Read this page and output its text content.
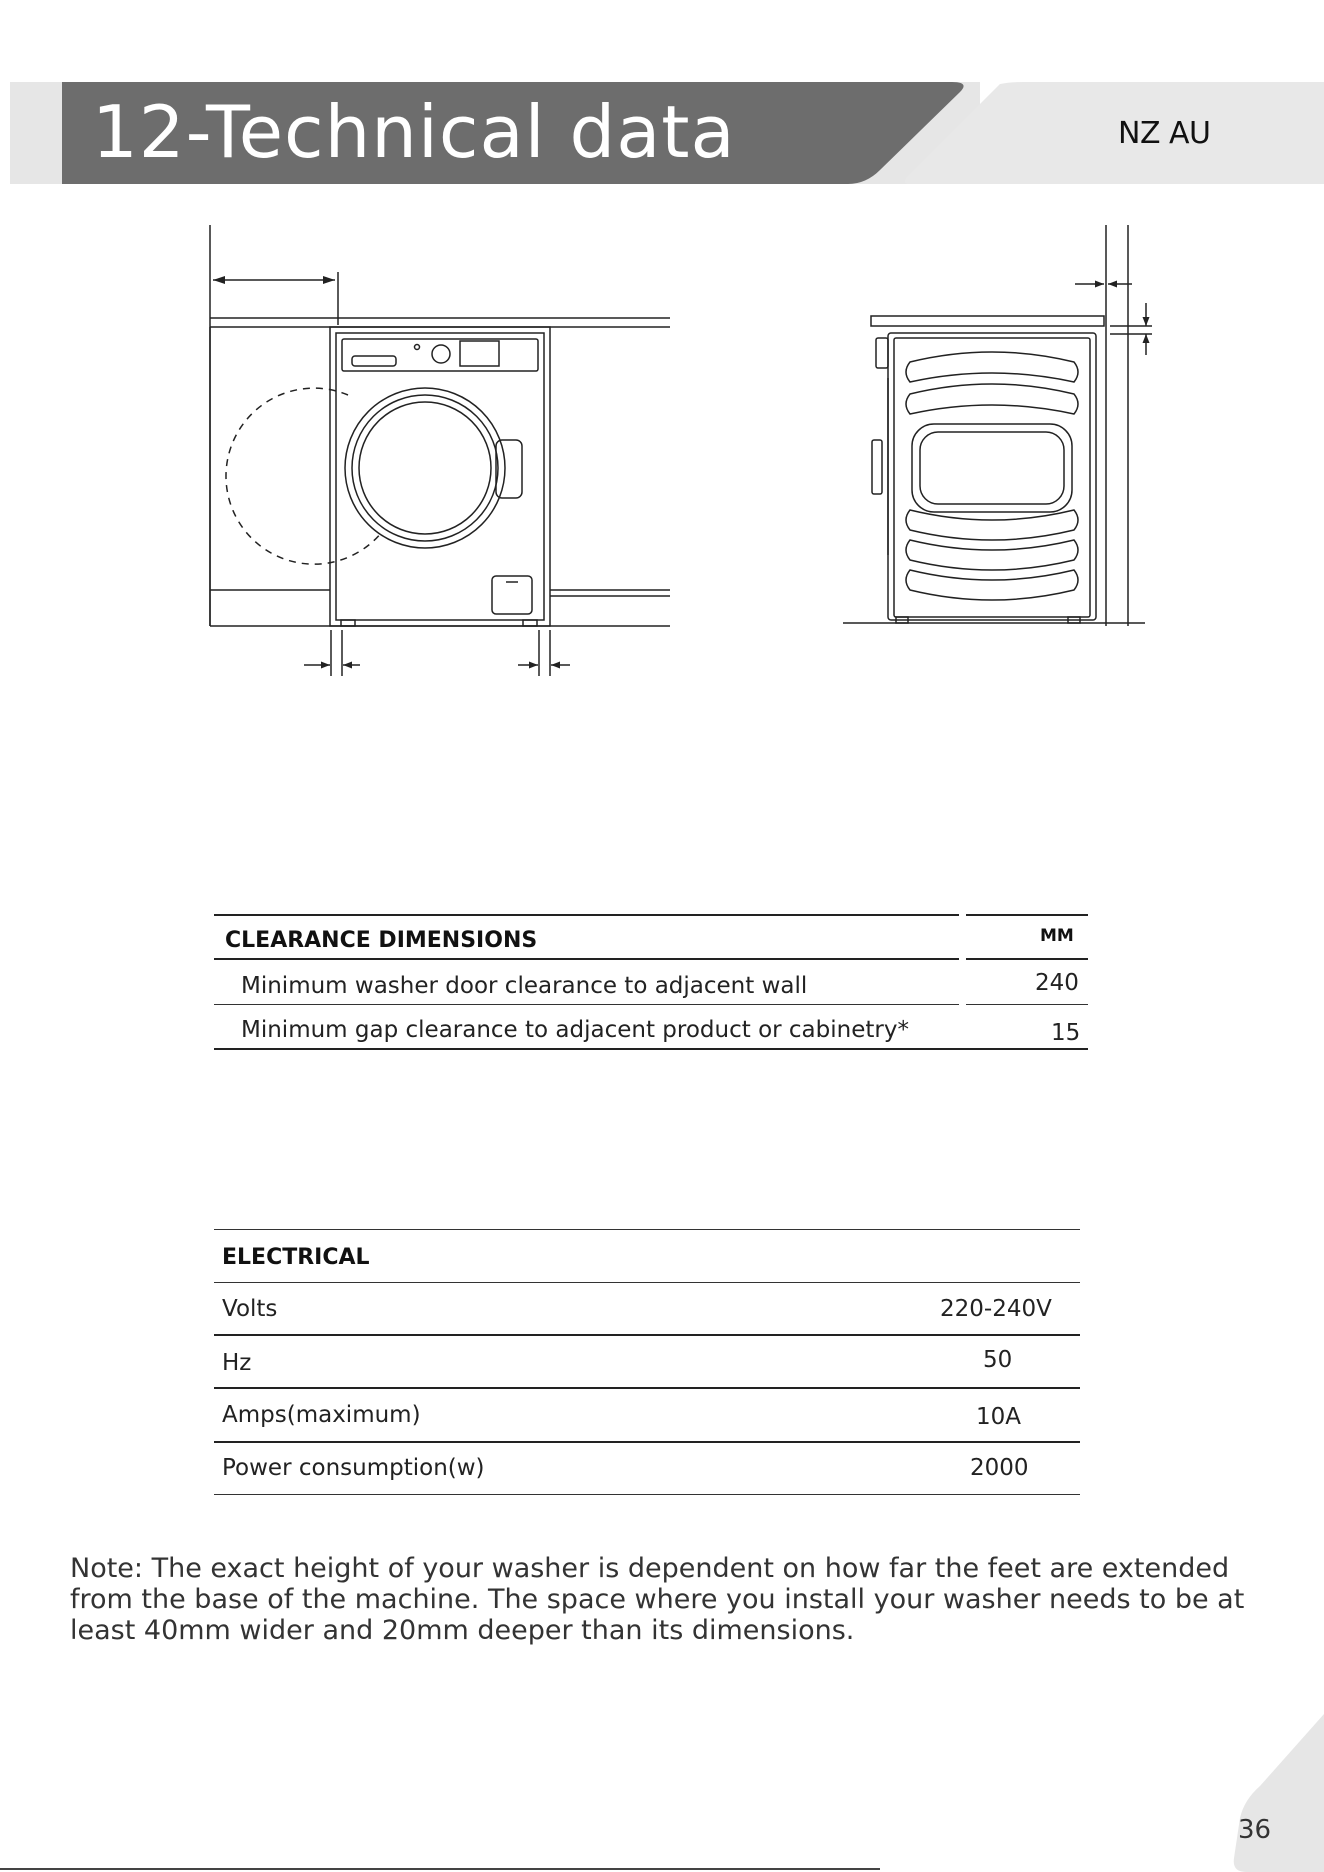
12-Technical data	NZ AU
CLEARANCE DIMENSIONS	MM
Minimum washer door clearance to adjacent wall	240
Minimum gap clearance to adjacent product or cabinetry*	15
ELECTRICAL
Volts	220-240V
Hz	50
Amps(maximum)	10A
Power consumption(w)	2000
Note: The exact height of your washer is dependent on how far the feet are extended from the base of the machine. The space where you install your washer needs to be at least 40mm wider and 20mm deeper than its dimensions.
36
